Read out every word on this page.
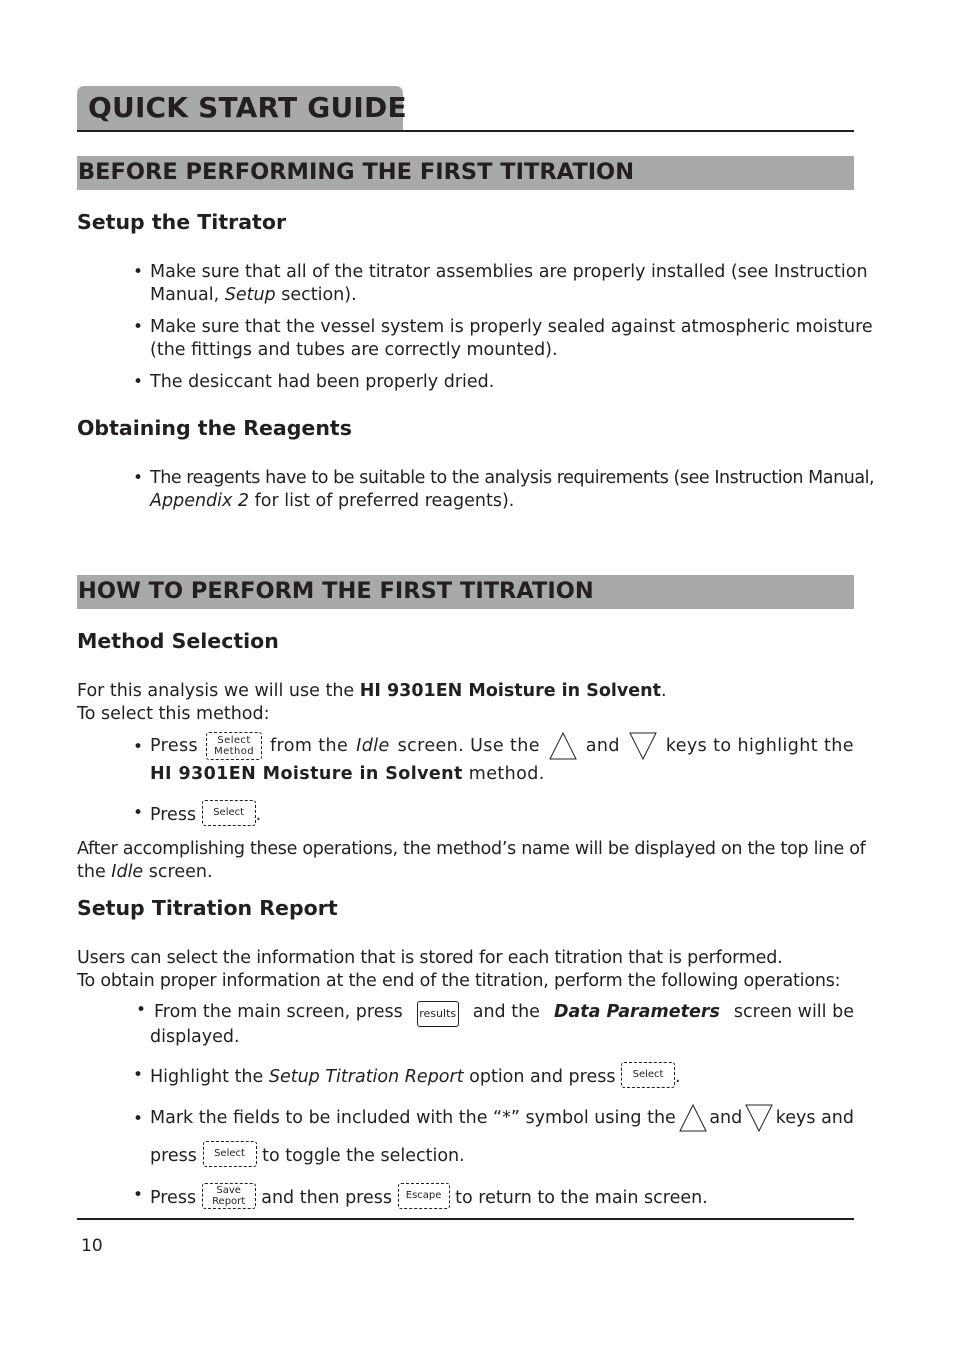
QUICK START GUIDE
BEFORE PERFORMING THE FIRST TITRATION
Setup the Titrator
• Make sure that all of the titrator assemblies are properly installed (see Instruction
Manual, Setup section).
• Make sure that the vessel system is properly sealed against atmospheric moisture
(the fittings and tubes are correctly mounted).
• The desiccant had been properly dried.
Obtaining the Reagents
• The reagents have to be suitable to the analysis requirements (see Instruction Manual,
Appendix 2 for list of preferred reagents).
HOW TO PERFORM THE FIRST TITRATION
Method Selection
For this analysis we will use the HI 9301EN Moisture in Solvent.
To select this method:
• Press	Select
Method from the Idle screen. Use the	and	keys to highlight the
HI 9301EN Moisture in Solvent method.
• Press	Select .
After accomplishing these operations, the method’s name will be displayed on the top line of
the Idle screen.
Setup Titration Report
Users can select the information that is stored for each titration that is performed.
To obtain proper information at the end of the titration, perform the following operations:
• From the main screen, press results and the Data Parameters screen will be
displayed.
• Highlight the Setup Titration Report option and press	Select .
• Mark the fields to be included with the “*” symbol using the and keys and
press	Select to toggle the selection.
• Press	Save
Report and then press	Escape to return to the main screen.
10
